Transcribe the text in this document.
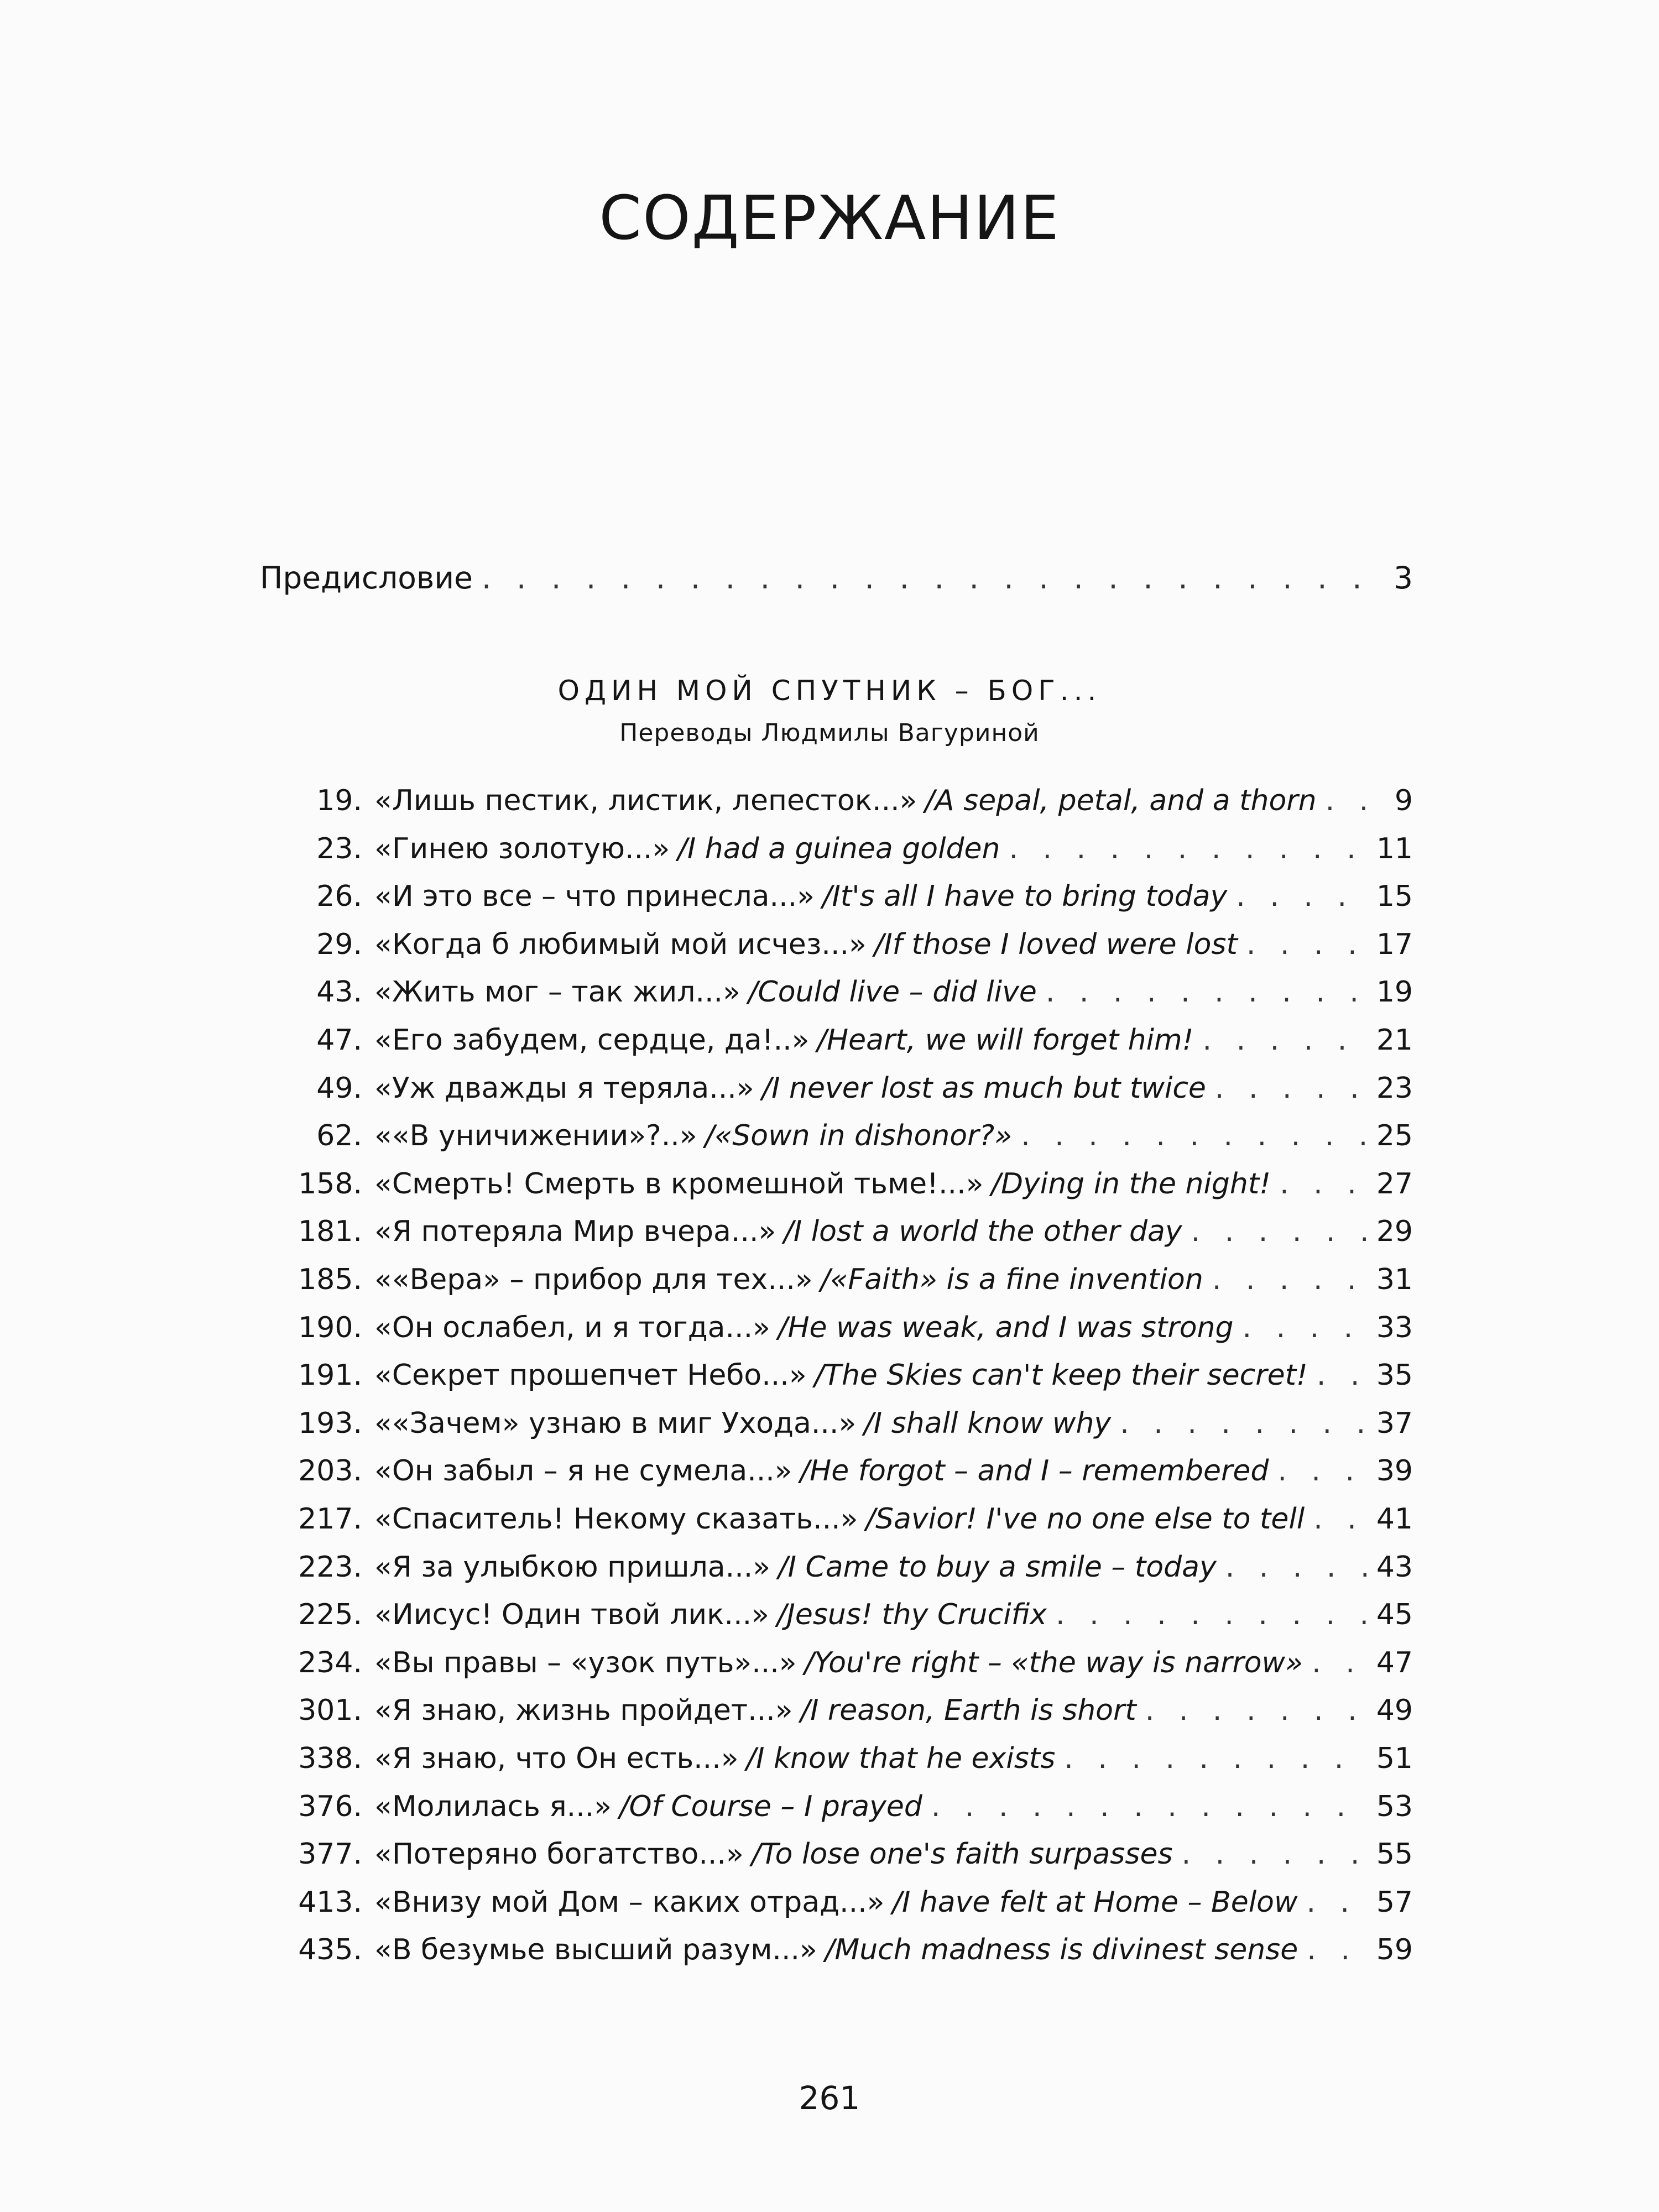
СОДЕРЖАНИЕ
Предисловие . . .	3
ОДИН МОЙ СПУТНИК – БОГ...
Переводы Людмилы Вагуриной
19. «Лишь пестик, листик, лепесток...» /A sepal, petal, and a thorn . . .	9
23. «Гинею золотую...» /I had a guinea golden . . .	11
26. «И это все – что принесла...» /It's all I have to bring today . . .	15
29. «Когда б любимый мой исчез...» /If those I loved were lost . . .	17
43. «Жить мог – так жил...» /Could live – did live . . .	19
47. «Его забудем, сердце, да!..» /Heart, we will forget him! . . .	21
49. «Уж дважды я теряла...» /I never lost as much but twice . . .	23
62. ««В уничижении»?..» /«Sown in dishonor?» . . .	25
158. «Смерть! Смерть в кромешной тьме!...» /Dying in the night! . . .	27
181. «Я потеряла Мир вчера...» /I lost a world the other day . . .	29
185. ««Вера» – прибор для тех...» /«Faith» is a fine invention . . .	31
190. «Он ослабел, и я тогда...» /He was weak, and I was strong . . .	33
191. «Секрет прошепчет Небо...» /The Skies can't keep their secret! . . . 35
193. ««Зачем» узнаю в миг Ухода...» /I shall know why . . .	37
203. «Он забыл – я не сумела...» /He forgot – and I – remembered . . .	39
217. «Спаситель! Некому сказать...» /Savior! I've no one else to tell . . . 41
223. «Я за улыбкою пришла...» /I Came to buy a smile – today . . .	43
225. «Иисус! Один твой лик...» /Jesus! thy Crucifix . . .	45
234. «Вы правы – «узок путь»...» /You're right – «the way is narrow» . . .	47
301. «Я знаю, жизнь пройдет...» /I reason, Earth is short . . .	49
338. «Я знаю, что Он есть...» /I know that he exists . . .	51
376. «Молилась я...» /Of Course – I prayed . . .	53
377. «Потеряно богатство...» /To lose one's faith surpasses . . .	55
413. «Внизу мой Дом – каких отрад...» /I have felt at Home – Below . . .	57
435. «В безумье высший разум...» /Much madness is divinest sense . . .	59
261
